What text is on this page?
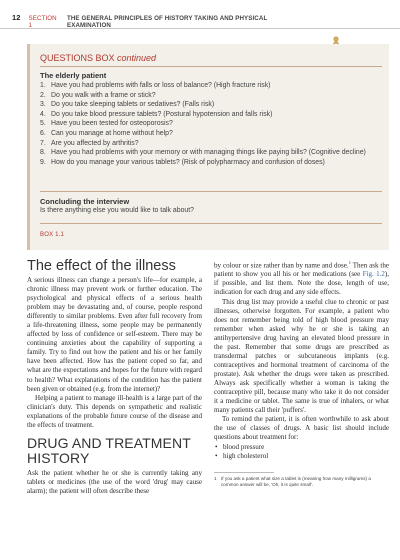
12 SECTION 1
THE GENERAL PRINCIPLES OF HISTORY TAKING AND PHYSICAL EXAMINATION
QUESTIONS BOX continued
The elderly patient
1. Have you had problems with falls or loss of balance? (High fracture risk)
2. Do you walk with a frame or stick?
3. Do you take sleeping tablets or sedatives? (Falls risk)
4. Do you take blood pressure tablets? (Postural hypotension and falls risk)
5. Have you been tested for osteoporosis?
6. Can you manage at home without help?
7. Are you affected by arthritis?
8. Have you had problems with your memory or with managing things like paying bills? (Cognitive decline)
9. How do you manage your various tablets? (Risk of polypharmacy and confusion of doses)
Concluding the interview
Is there anything else you would like to talk about?
BOX 1.1
The effect of the illness

A serious illness can change a person's life—for example, a chronic illness may prevent work or further education. The psychological and physical effects of a serious health problem may be devastating and, of course, people respond differently to similar problems. Even after full recovery from a life-threatening illness, some people may be permanently affected by loss of confidence or self-esteem. There may be continuing anxieties about the capability of supporting a family. Try to find out how the patient and his or her family have been affected. How has the patient coped so far, and what are the expectations and hopes for the future with regard to health? What explanations of the condition has the patient been given or obtained (e.g. from the internet)?

Helping a patient to manage ill-health is a large part of the clinician's duty. This depends on sympathetic and realistic explanations of the probable future course of the disease and the effects of treatment.

DRUG AND TREATMENT HISTORY

Ask the patient whether he or she is currently taking any tablets or medicines (the use of the word 'drug' may cause alarm); the patient will often describe these

by colour or size rather than by name and dose.$^1$ Then ask the patient to show you all his or her medications (see Fig. 1.2), if possible, and list them. Note the dose, length of use, indication for each drug and any side effects.

This drug list may provide a useful clue to chronic or past illnesses, otherwise forgotten. For example, a patient who does not remember being told of high blood pressure may remember when asked why he or she is taking an antihypertensive drug having an elevated blood pressure in the past. Remember that some drugs are prescribed as transdermal patches or subcutaneous implants (e.g. contraceptives and hormonal treatment of carcinoma of the prostate). Ask whether the drugs were taken as prescribed. Always ask specifically whether a woman is taking the contraceptive pill, because many who take it do not consider it a medicine or tablet. The same is true of inhalers, or what many patients call their 'puffers'.

To remind the patient, it is often worthwhile to ask about the use of classes of drugs. A basic list should include questions about treatment for:

• blood pressure
• high cholesterol
1 If you ask a patient what size a tablet is (meaning how many milligrams) a common answer will be, 'Oh, it is quite small'.
